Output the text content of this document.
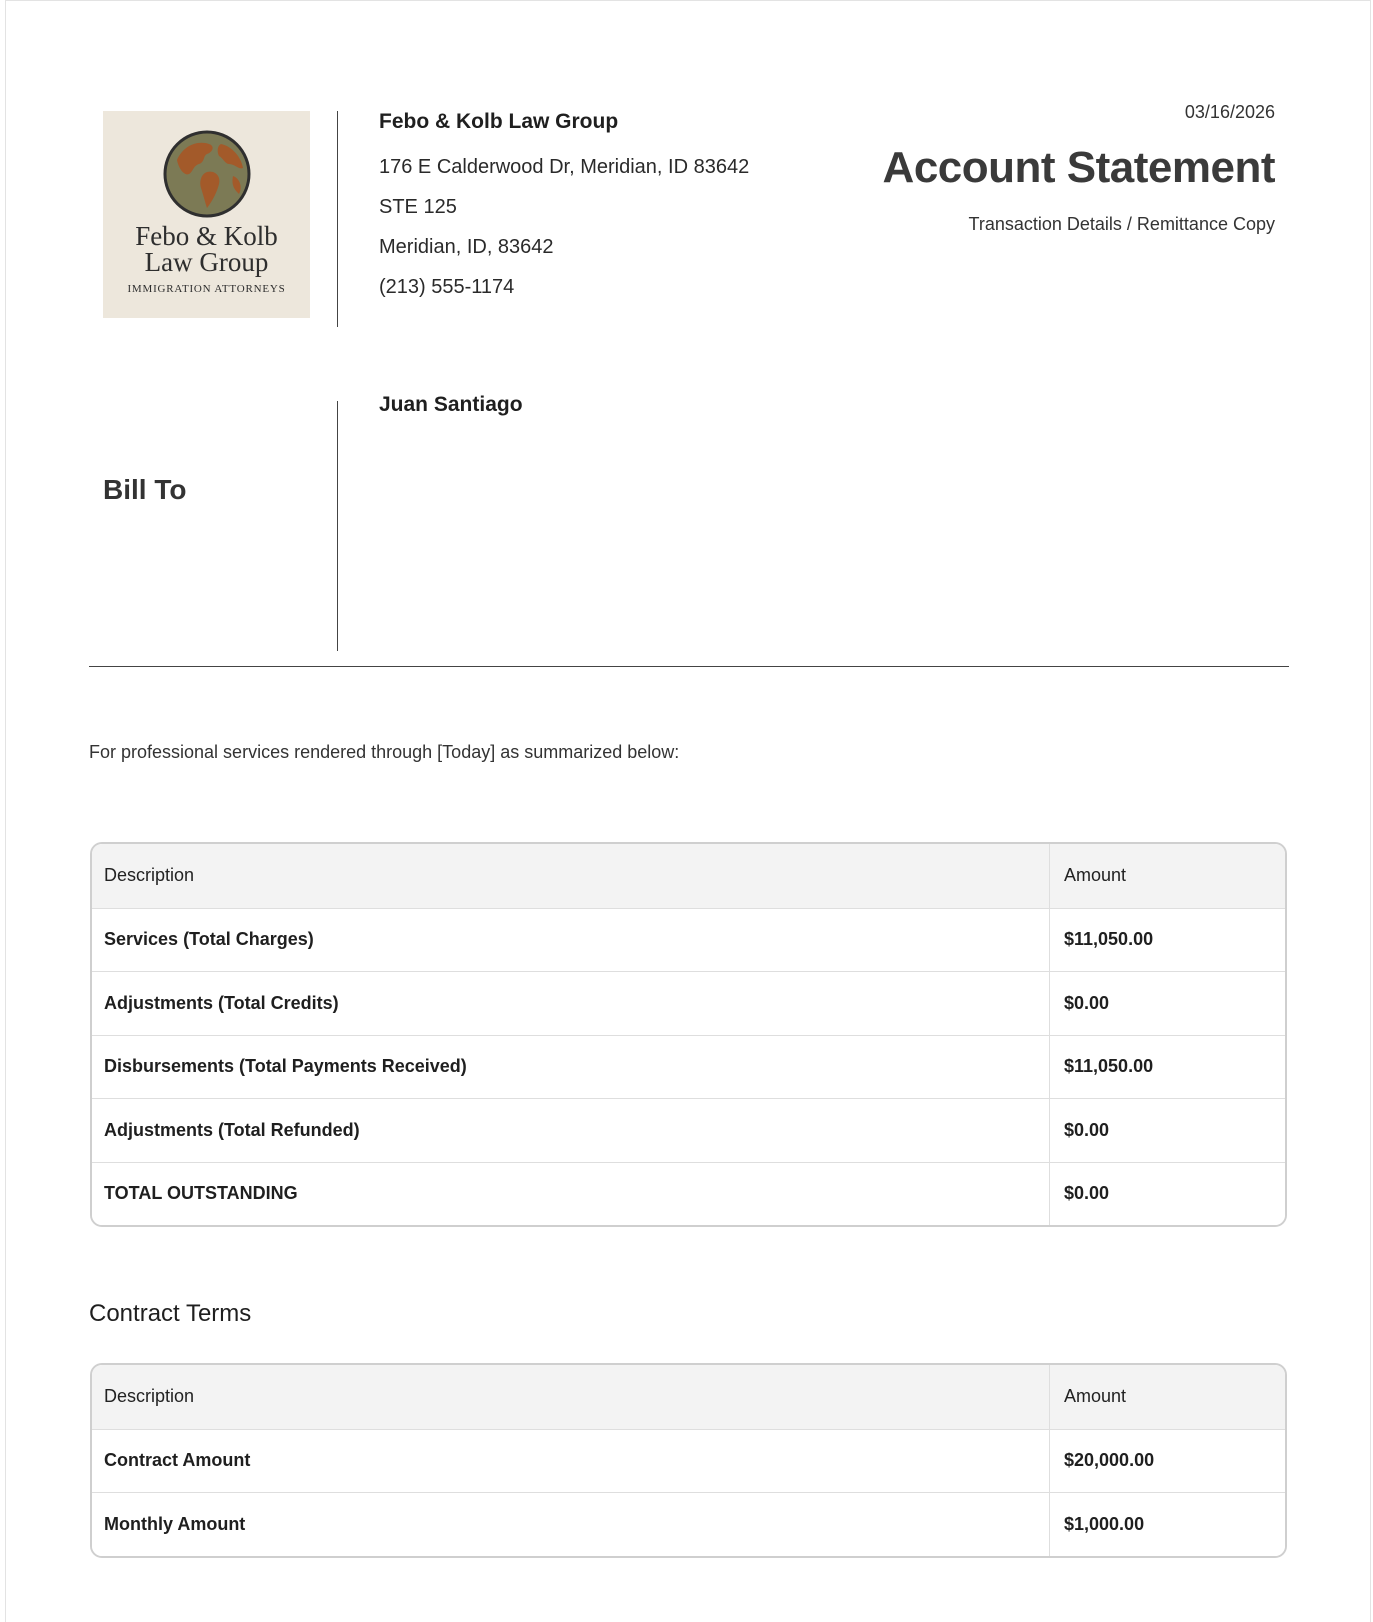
Febo & Kolb
Law Group
IMMIGRATION ATTORNEYS
Febo & Kolb Law Group
176 E Calderwood Dr, Meridian, ID 83642
STE 125
Meridian, ID, 83642
(213) 555-1174
03/16/2026
Account Statement
Transaction Details / Remittance Copy
Bill To
Juan Santiago
For professional services rendered through [Today] as summarized below:
Description	Amount
Services (Total Charges)	$11,050.00
Adjustments (Total Credits)	$0.00
Disbursements (Total Payments Received)	$11,050.00
Adjustments (Total Refunded)	$0.00
TOTAL OUTSTANDING	$0.00
Contract Terms
Description	Amount
Contract Amount	$20,000.00
Monthly Amount	$1,000.00
